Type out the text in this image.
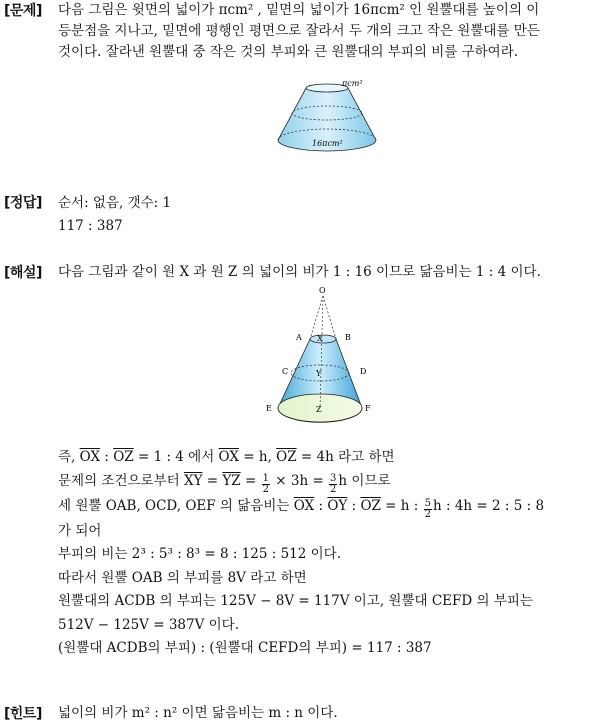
[문제] 다음 그림은 윗면의 넓이가 πcm² , 밑면의 넓이가 16πcm² 인 원뿔대를 높이의 이
등분점을 지나고, 밑면에 평행인 평면으로 잘라서 두 개의 크고 작은 원뿔대를 만든
것이다. 잘라낸 원뿔대 중 작은 것의 부피와 큰 원뿔대의 부피의 비를 구하여라.
πcm²
16πcm²
[정답] 순서: 없음, 갯수: 1
117 : 387
[해설] 다음 그림과 같이 원 X 과 원 Z 의 넓이의 비가 1 : 16 이므로 닮음비는 1 : 4 이다.
O
A	B
X
C	D
Y
E	F
Z
즉, $\overline{OX}$ : $\overline{OZ} = 1$ : 4 에서 $\overline{OX} = h$, $\overline{OZ} = 4h$ 라고 하면
문제의 조건으로부터 $\overline{XY} = \overline{YZ} = \frac{1}{2} \times 3h = \frac{3}{2}$ h 이므로
세 원뿔 OAB, OCD, OEF 의 닮음비는 $\overline{OX}$ : $\overline{OY}$ : $\overline{OZ} = h$ : $\frac{5}{2}$ h : 4h = 2 : 5 : 8
가 되어
부피의 비는 2³ : 5³ : 8³ = 8 : 125 : 512 이다.
따라서 원뿔 OAB 의 부피를 8V 라고 하면
원뿔대의 ACDB 의 부피는 125V − 8V = 117V 이고, 원뿔대 CEFD 의 부피는
512V − 125V = 387V 이다.
(원뿔대 ACDB의 부피) : (원뿔대 CEFD의 부피) = 117 : 387
[힌트] 넓이의 비가 m² : n² 이면 닮음비는 m : n 이다.
